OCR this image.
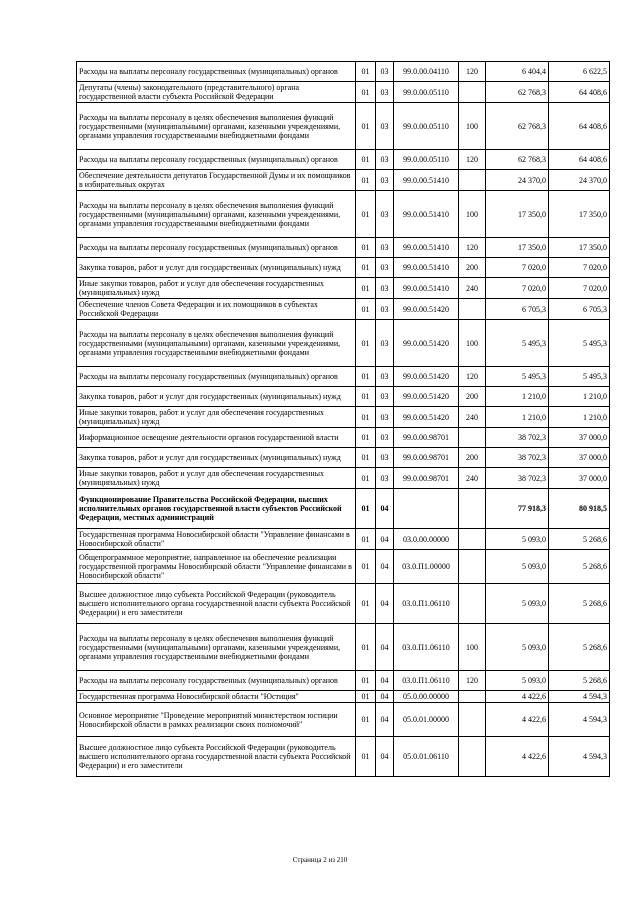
Расходы на выплаты персоналу государственных (муниципальных) органов	01	03	99.0.00.04110	120	6 404,4	6 622,5
Депутаты (члены) законодательного (представительного) органа государственной власти субъекта Российской Федерации	01	03	99.0.00.05110		62 768,3	64 408,6
Расходы на выплаты персоналу в целях обеспечения выполнения функций государственными (муниципальными) органами, казенными учреждениями, органами управления государственными внебюджетными фондами	01	03	99.0.00.05110	100	62 768,3	64 408,6
Расходы на выплаты персоналу государственных (муниципальных) органов	01	03	99.0.00.05110	120	62 768,3	64 408,6
Обеспечение деятельности депутатов Государственной Думы и их помощников в избирательных округах	01	03	99.0.00.51410		24 370,0	24 370,0
Расходы на выплаты персоналу в целях обеспечения выполнения функций государственными (муниципальными) органами, казенными учреждениями, органами управления государственными внебюджетными фондами	01	03	99.0.00.51410	100	17 350,0	17 350,0
Расходы на выплаты персоналу государственных (муниципальных) органов	01	03	99.0.00.51410	120	17 350,0	17 350,0
Закупка товаров, работ и услуг для государственных (муниципальных) нужд	01	03	99.0.00.51410	200	7 020,0	7 020,0
Иные закупки товаров, работ и услуг для обеспечения государственных (муниципальных) нужд	01	03	99.0.00.51410	240	7 020,0	7 020,0
Обеспечение членов Совета Федерации и их помощников в субъектах Российской Федерации	01	03	99.0.00.51420		6 705,3	6 705,3
Расходы на выплаты персоналу в целях обеспечения выполнения функций государственными (муниципальными) органами, казенными учреждениями, органами управления государственными внебюджетными фондами	01	03	99.0.00.51420	100	5 495,3	5 495,3
Расходы на выплаты персоналу государственных (муниципальных) органов	01	03	99.0.00.51420	120	5 495,3	5 495,3
Закупка товаров, работ и услуг для государственных (муниципальных) нужд	01	03	99.0.00.51420	200	1 210,0	1 210,0
Иные закупки товаров, работ и услуг для обеспечения государственных (муниципальных) нужд	01	03	99.0.00.51420	240	1 210,0	1 210,0
Информационное освещение деятельности органов государственной власти	01	03	99.0.00.98701		38 702,3	37 000,0
Закупка товаров, работ и услуг для государственных (муниципальных) нужд	01	03	99.0.00.98701	200	38 702,3	37 000,0
Иные закупки товаров, работ и услуг для обеспечения государственных (муниципальных) нужд	01	03	99.0.00.98701	240	38 702,3	37 000,0
Функционирование Правительства Российской Федерации, высших исполнительных органов государственной власти субъектов Российской Федерации, местных администраций	01	04			77 918,3	80 918,5
Государственная программа Новосибирской области "Управление финансами в Новосибирской области"	01	04	03.0.00.00000		5 093,0	5 268,6
Общепрограммное мероприятие, направленное на обеспечение реализации государственной программы Новосибирской области "Управление финансами в Новосибирской области"	01	04	03.0.П1.00000		5 093,0	5 268,6
Высшее должностное лицо субъекта Российской Федерации (руководитель высшего исполнительного органа государственной власти субъекта Российской Федерации) и его заместители	01	04	03.0.П1.06110		5 093,0	5 268,6
Расходы на выплаты персоналу в целях обеспечения выполнения функций государственными (муниципальными) органами, казенными учреждениями, органами управления государственными внебюджетными фондами	01	04	03.0.П1.06110	100	5 093,0	5 268,6
Расходы на выплаты персоналу государственных (муниципальных) органов	01	04	03.0.П1.06110	120	5 093,0	5 268,6
Государственная программа Новосибирской области "Юстиция"	01	04	05.0.00.00000		4 422,6	4 594,3
Основное мероприятие "Проведение мероприятий министерством юстиции Новосибирской области в рамках реализации своих полномочий"	01	04	05.0.01.00000		4 422,6	4 594,3
Высшее должностное лицо субъекта Российской Федерации (руководитель высшего исполнительного органа государственной власти субъекта Российской Федерации) и его заместители	01	04	05.0.01.06110		4 422,6	4 594,3
Страница 2 из 210
